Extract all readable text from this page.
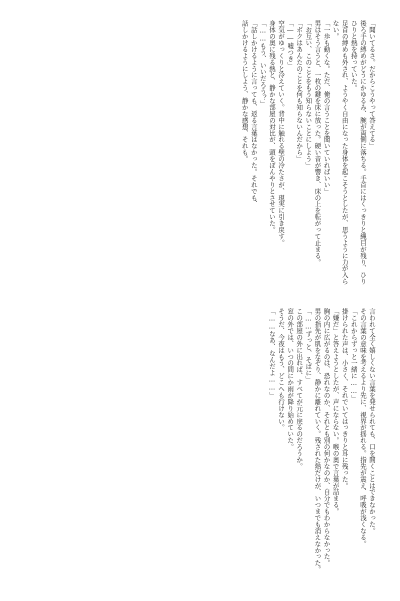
「聞いてるさ。だからこうやって答えてる」

後ろ手の縛めがどうにかゆるみ、腕が両側に落ちる。手首にはくっきりと縄目が残り、ひりひりと熱を持っていた。

足首の縛めも外され、ようやく自由になった身体を起こそうとしたが、思うように力が入らない。

「一歩も動くな。ただ、俺の言うことを聞いていればいい」

男はそう言うと、一枚の鍵を床に放った。硬い音が響き、床の上を転がって止まる。

「お互い、このことをもう知らないことにしよう」

「ボクはあんたのことを何も知らないんだから」

「――嘘つき」

空気がゆっくりと冷えていく。背中に触れる壁の冷たさが、現実に引き戻す。

身体の奥に残る熱と、静かな部屋の対比が、頭をぼんやりとさせていた。

「……もう、いいだろう？」

「話しかけるように言っても、返る言葉はなかった。それでも、

話しかけるようにしよう、静かな感想、それも。

言われて全く嬉しくない言葉を発せられても、口を開くことはできなかった。

その言葉の意味を考えるより先に、視界が揺れる。指先が震え、呼吸が浅くなる。

「これからずっと一緒に……」

掛けられた声は、小さく、それでいてはっきりと耳に残った。

「嫌だ」と答えようとしたが、声にならない。喉の奥で言葉が詰まる。

胸の内に広がるのは、恐れなのか、それとも別の何かなのか、自分でもわからなかった。

男の指先が肌をなぞり、静かに離れていく。残された熱だけが、いつまでも消えなかった。

「……ずっと、そばに」

この部屋の外に出れば、すべてが元に戻るのだろうか。

窓の外では、いつの間にか雨が降り始めていた。

そうだ、今夜はもう、どこへも行けない。

「……なあ、なんだよ……」
